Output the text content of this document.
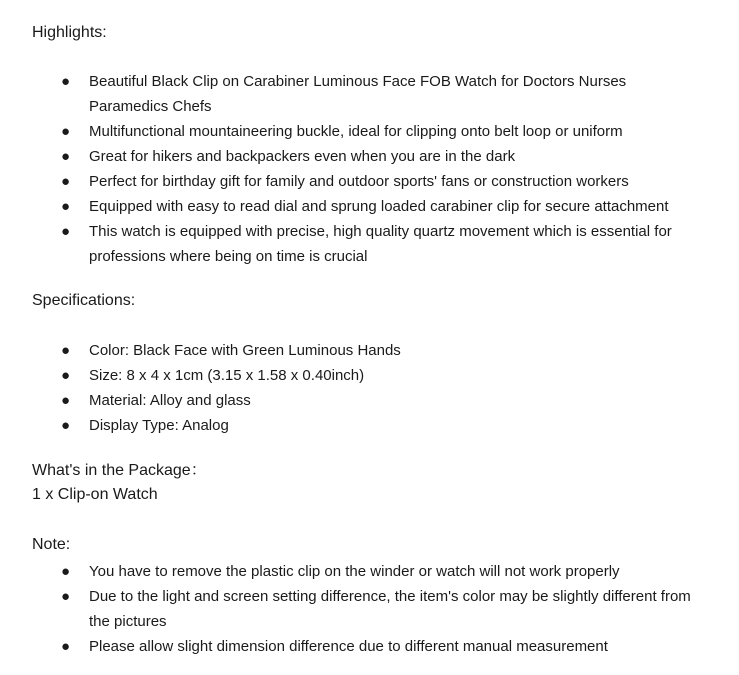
Highlights:
● Beautiful Black Clip on Carabiner Luminous Face FOB Watch for Doctors Nurses Paramedics Chefs
● Multifunctional mountaineering buckle, ideal for clipping onto belt loop or uniform
● Great for hikers and backpackers even when you are in the dark
● Perfect for birthday gift for family and outdoor sports' fans or construction workers
● Equipped with easy to read dial and sprung loaded carabiner clip for secure attachment
● This watch is equipped with precise, high quality quartz movement which is essential for professions where being on time is crucial
Specifications:
● Color: Black Face with Green Luminous Hands
● Size: 8 x 4 x 1cm (3.15 x 1.58 x 0.40inch)
● Material: Alloy and glass
● Display Type: Analog
What's in the Package：
1 x Clip-on Watch
Note:
● You have to remove the plastic clip on the winder or watch will not work properly
● Due to the light and screen setting difference, the item's color may be slightly different from the pictures
● Please allow slight dimension difference due to different manual measurement
